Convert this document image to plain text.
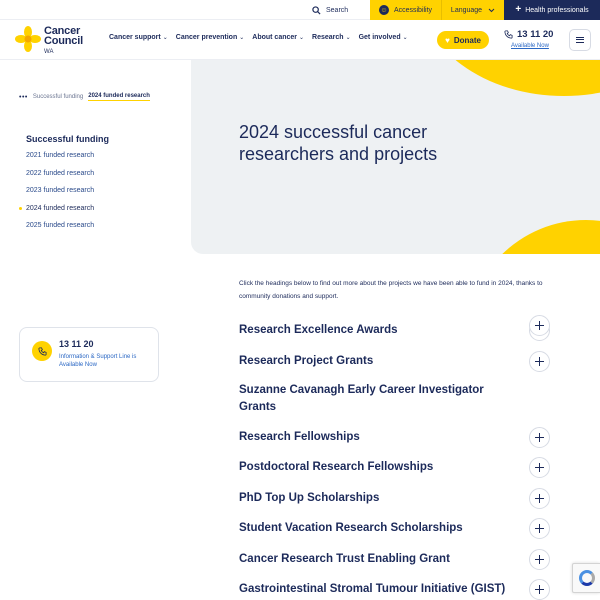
Search	☺ Accessibility	Language	+ Health professionals
Cancer
Council
WA
Cancer support ⌄ Cancer prevention ⌄ About cancer ⌄ Research ⌄ Get involved ⌄	♥ Donate	13 11 20
Available Now
2024 successful cancer researchers and projects
••• Successful funding 2024 funded research
Successful funding
2021 funded research
2022 funded research
2023 funded research
2024 funded research
2025 funded research
13 11 20
Information & Support Line is Available Now

Click the headings below to find out more about the projects we have been able to fund in 2024, thanks to community donations and support.

Research Excellence Awards
Research Project Grants
Suzanne Cavanagh Early Career Investigator Grants
Research Fellowships
Postdoctoral Research Fellowships
PhD Top Up Scholarships
Student Vacation Research Scholarships
Cancer Research Trust Enabling Grant
Gastrointestinal Stromal Tumour Initiative (GIST)
